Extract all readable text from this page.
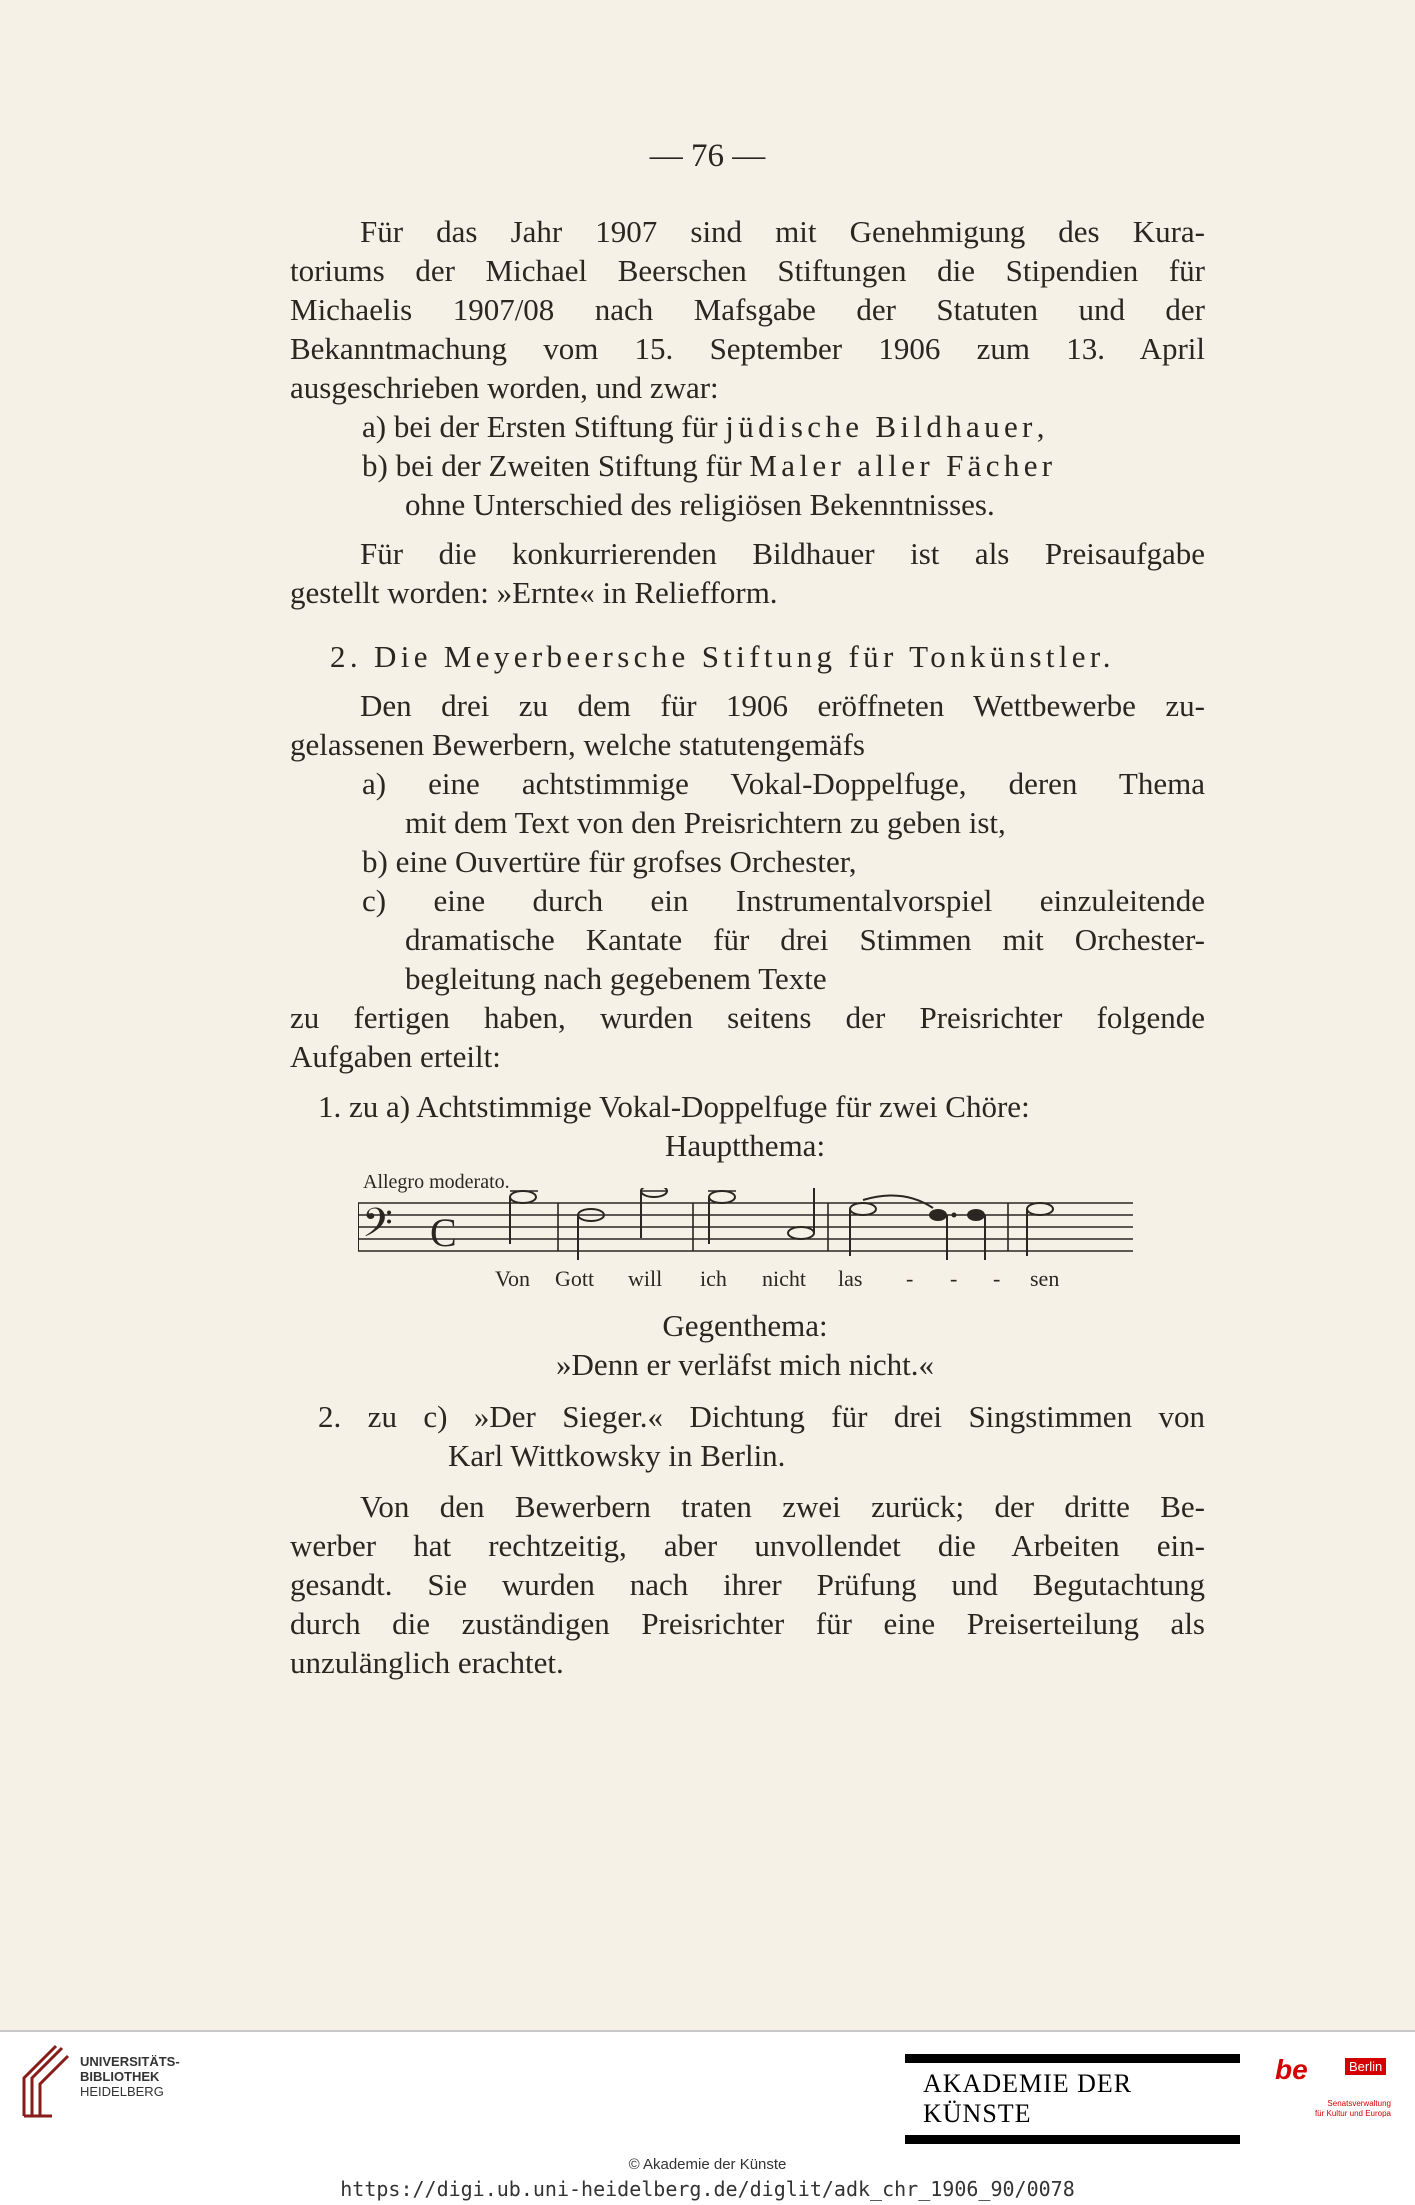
— 76 —
Für das Jahr 1907 sind mit Genehmigung des Kura-
toriums der Michael Beerschen Stiftungen die Stipendien für
Michaelis 1907/08 nach Mafsgabe der Statuten und der
Bekanntmachung vom 15. September 1906 zum 13. April
ausgeschrieben worden, und zwar:
a) bei der Ersten Stiftung für jüdische Bildhauer,
b) bei der Zweiten Stiftung für Maler aller Fächer
ohne Unterschied des religiösen Bekenntnisses.
Für die konkurrierenden Bildhauer ist als Preisaufgabe
gestellt worden: »Ernte« in Reliefform.
2. Die Meyerbeersche Stiftung für Tonkünstler.
Den drei zu dem für 1906 eröffneten Wettbewerbe zu-
gelassenen Bewerbern, welche statutengemäfs
a) eine achtstimmige Vokal-Doppelfuge, deren Thema
mit dem Text von den Preisrichtern zu geben ist,
b) eine Ouvertüre für grofses Orchester,
c) eine durch ein Instrumentalvorspiel einzuleitende
dramatische Kantate für drei Stimmen mit Orchester-
begleitung nach gegebenem Texte
zu fertigen haben, wurden seitens der Preisrichter folgende
Aufgaben erteilt:
1. zu a) Achtstimmige Vokal-Doppelfuge für zwei Chöre:
Hauptthema:
Allegro moderato.
𝄢 C
Von Gott will ich nicht las - - - sen
Gegenthema:
»Denn er verläfst mich nicht.«
2. zu c) »Der Sieger.« Dichtung für drei Singstimmen von
Karl Wittkowsky in Berlin.
Von den Bewerbern traten zwei zurück; der dritte Be-
werber hat rechtzeitig, aber unvollendet die Arbeiten ein-
gesandt. Sie wurden nach ihrer Prüfung und Begutachtung
durch die zuständigen Preisrichter für eine Preiserteilung als
unzulänglich erachtet.
UNIVERSITÄTS-
BIBLIOTHEK
HEIDELBERG	AKADEMIE DER KÜNSTE
be	Berlin
Senatsverwaltung
für Kultur und Europa
© Akademie der Künste
https://digi.ub.uni-heidelberg.de/diglit/adk_chr_1906_90/0078
